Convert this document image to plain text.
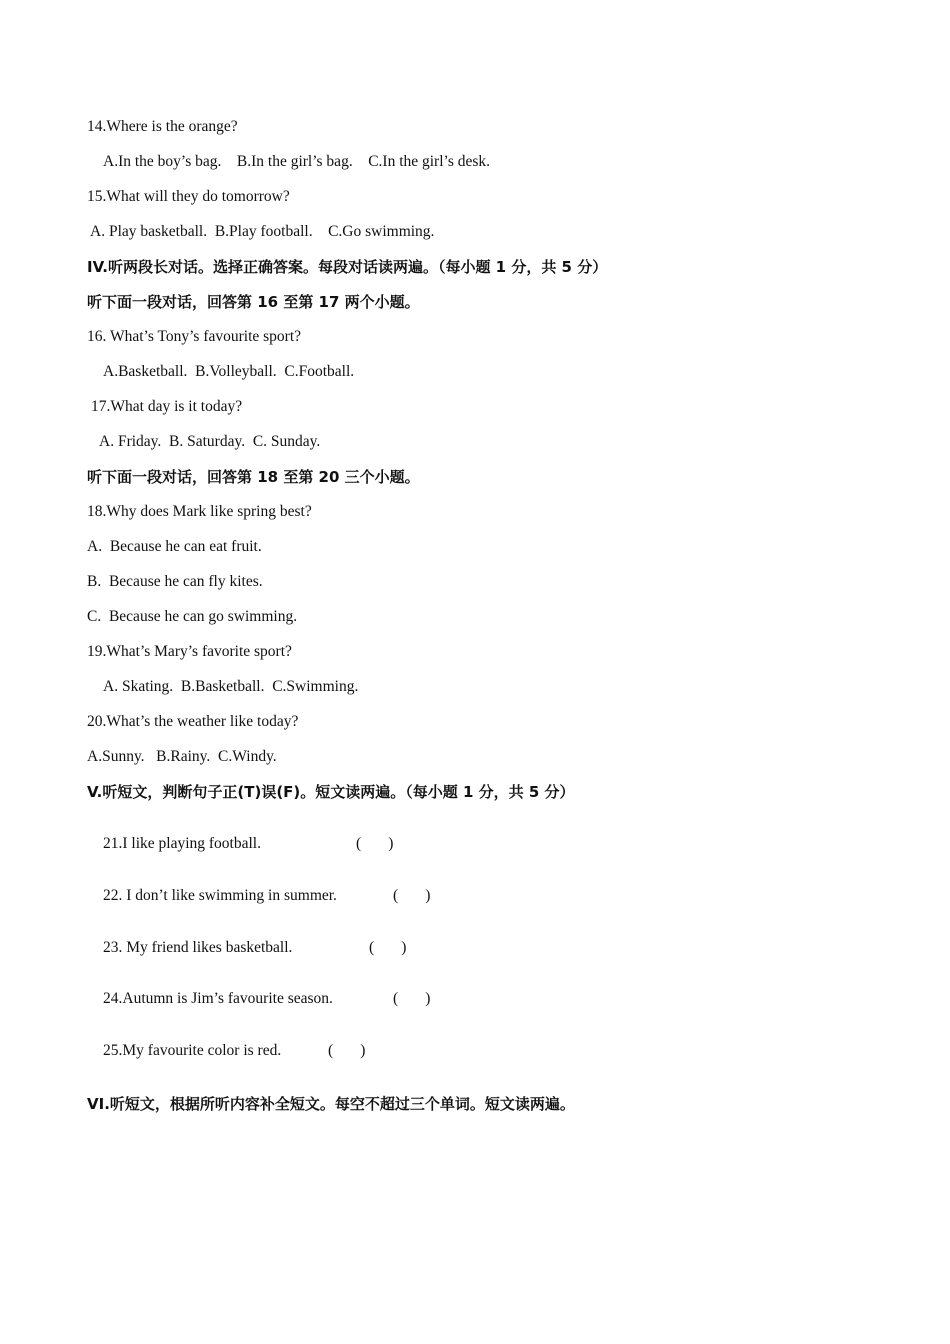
14.Where is the orange?
A.In the boy’s bag.    B.In the girl’s bag.    C.In the girl’s desk.
15.What will they do tomorrow?
A. Play basketball.  B.Play football.    C.Go swimming.
IV.听两段长对话。选择正确答案。每段对话读两遍。（每小题 1 分，共 5 分）
听下面一段对话，回答第 16 至第 17 两个小题。
16. What’s Tony’s favourite sport?
A.Basketball.  B.Volleyball.  C.Football.
17.What day is it today?
A. Friday.  B. Saturday.  C. Sunday.
听下面一段对话，回答第 18 至第 20 三个小题。
18.Why does Mark like spring best?
A.  Because he can eat fruit.
B.  Because he can fly kites.
C.  Because he can go swimming.
19.What’s Mary’s favorite sport?
A. Skating.  B.Basketball.  C.Swimming.
20.What’s the weather like today?
A.Sunny.   B.Rainy.  C.Windy.
V.听短文，判断句子正(T)误(F)。短文读两遍。（每小题 1 分，共 5 分）
21.I like playing football.	(       )
22. I don’t like swimming in summer.	(       )
23. My friend likes basketball.	(       )
24.Autumn is Jim’s favourite season.	(       )
25.My favourite color is red.	(       )
VI.听短文，根据所听内容补全短文。每空不超过三个单词。短文读两遍。
